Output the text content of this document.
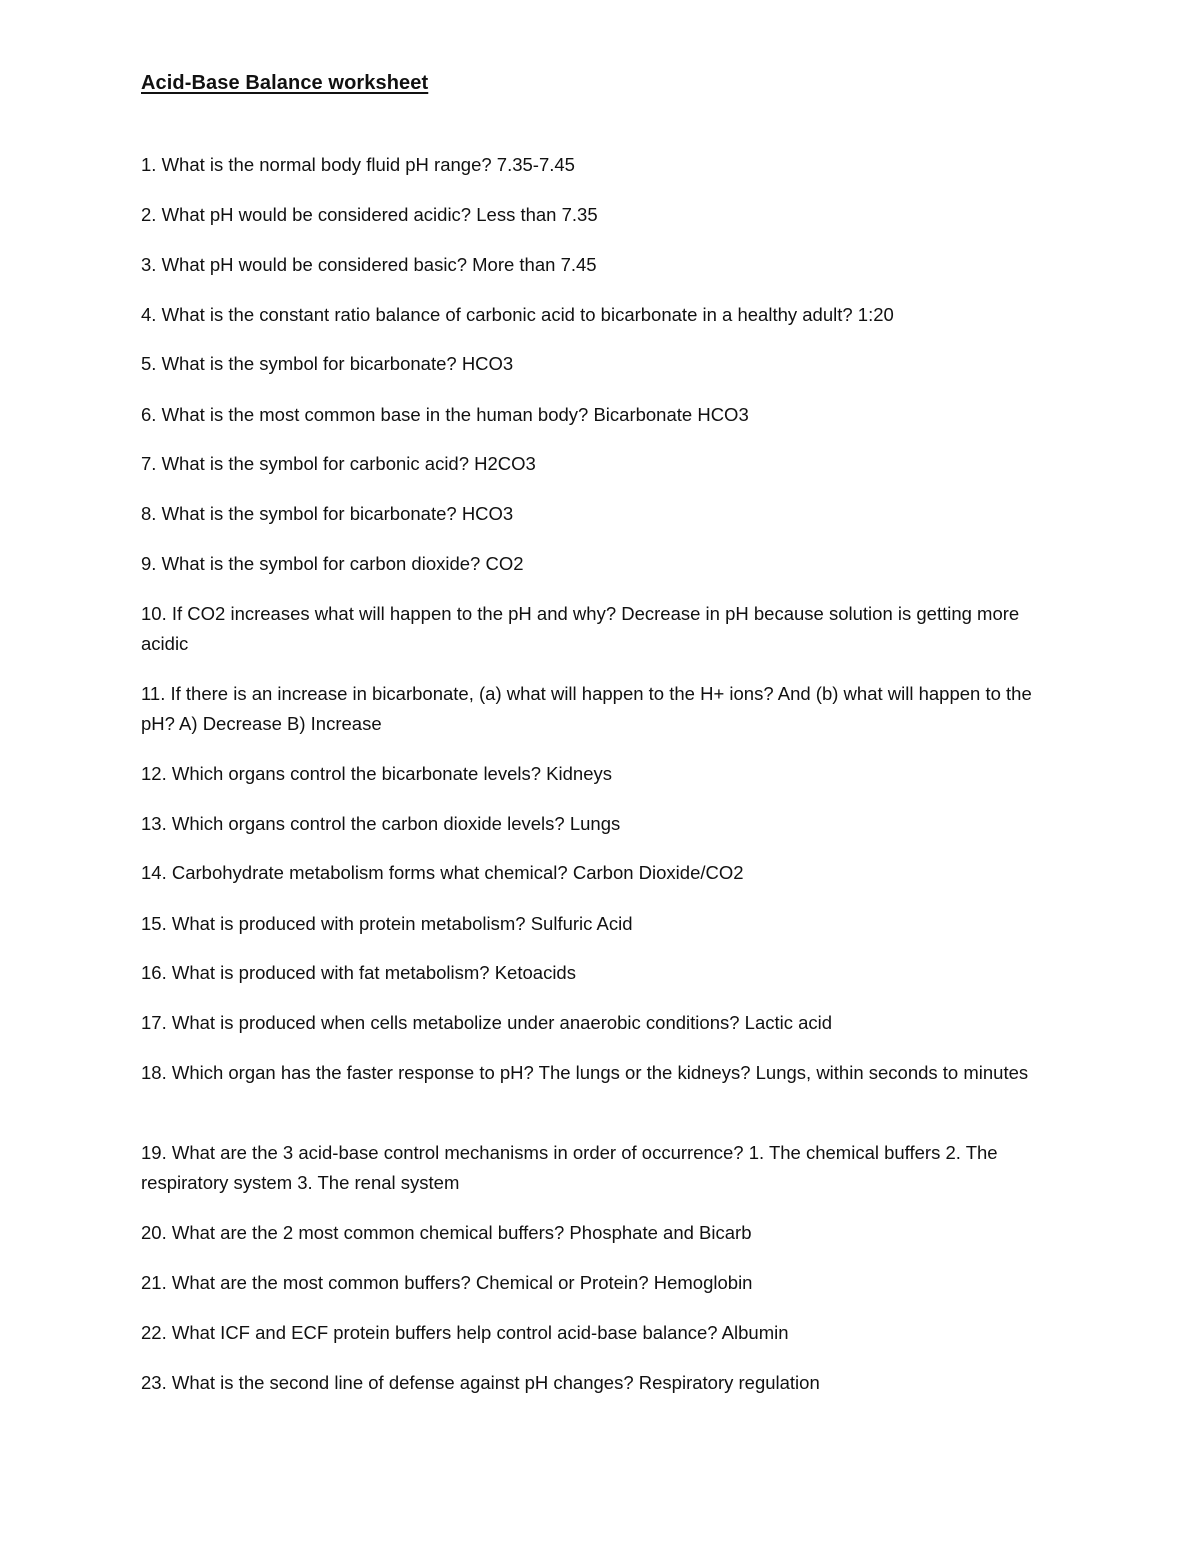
Acid-Base Balance worksheet

1. What is the normal body fluid pH range? 7.35-7.45

2. What pH would be considered acidic? Less than 7.35

3. What pH would be considered basic? More than 7.45

4. What is the constant ratio balance of carbonic acid to bicarbonate in a healthy adult? 1:20

5. What is the symbol for bicarbonate? HCO3

6. What is the most common base in the human body? Bicarbonate HCO3

7. What is the symbol for carbonic acid? H2CO3

8. What is the symbol for bicarbonate? HCO3

9. What is the symbol for carbon dioxide? CO2

10. If CO2 increases what will happen to the pH and why? Decrease in pH because solution is getting more acidic

11. If there is an increase in bicarbonate, (a) what will happen to the H+ ions? And (b) what will happen to the pH? A) Decrease B) Increase

12. Which organs control the bicarbonate levels? Kidneys

13. Which organs control the carbon dioxide levels? Lungs

14. Carbohydrate metabolism forms what chemical? Carbon Dioxide/CO2

15. What is produced with protein metabolism? Sulfuric Acid

16. What is produced with fat metabolism? Ketoacids

17. What is produced when cells metabolize under anaerobic conditions? Lactic acid

18. Which organ has the faster response to pH? The lungs or the kidneys? Lungs, within seconds to minutes

19. What are the 3 acid-base control mechanisms in order of occurrence? 1. The chemical buffers 2. The respiratory system 3. The renal system

20. What are the 2 most common chemical buffers? Phosphate and Bicarb

21. What are the most common buffers? Chemical or Protein? Hemoglobin

22. What ICF and ECF protein buffers help control acid-base balance? Albumin

23. What is the second line of defense against pH changes? Respiratory regulation
